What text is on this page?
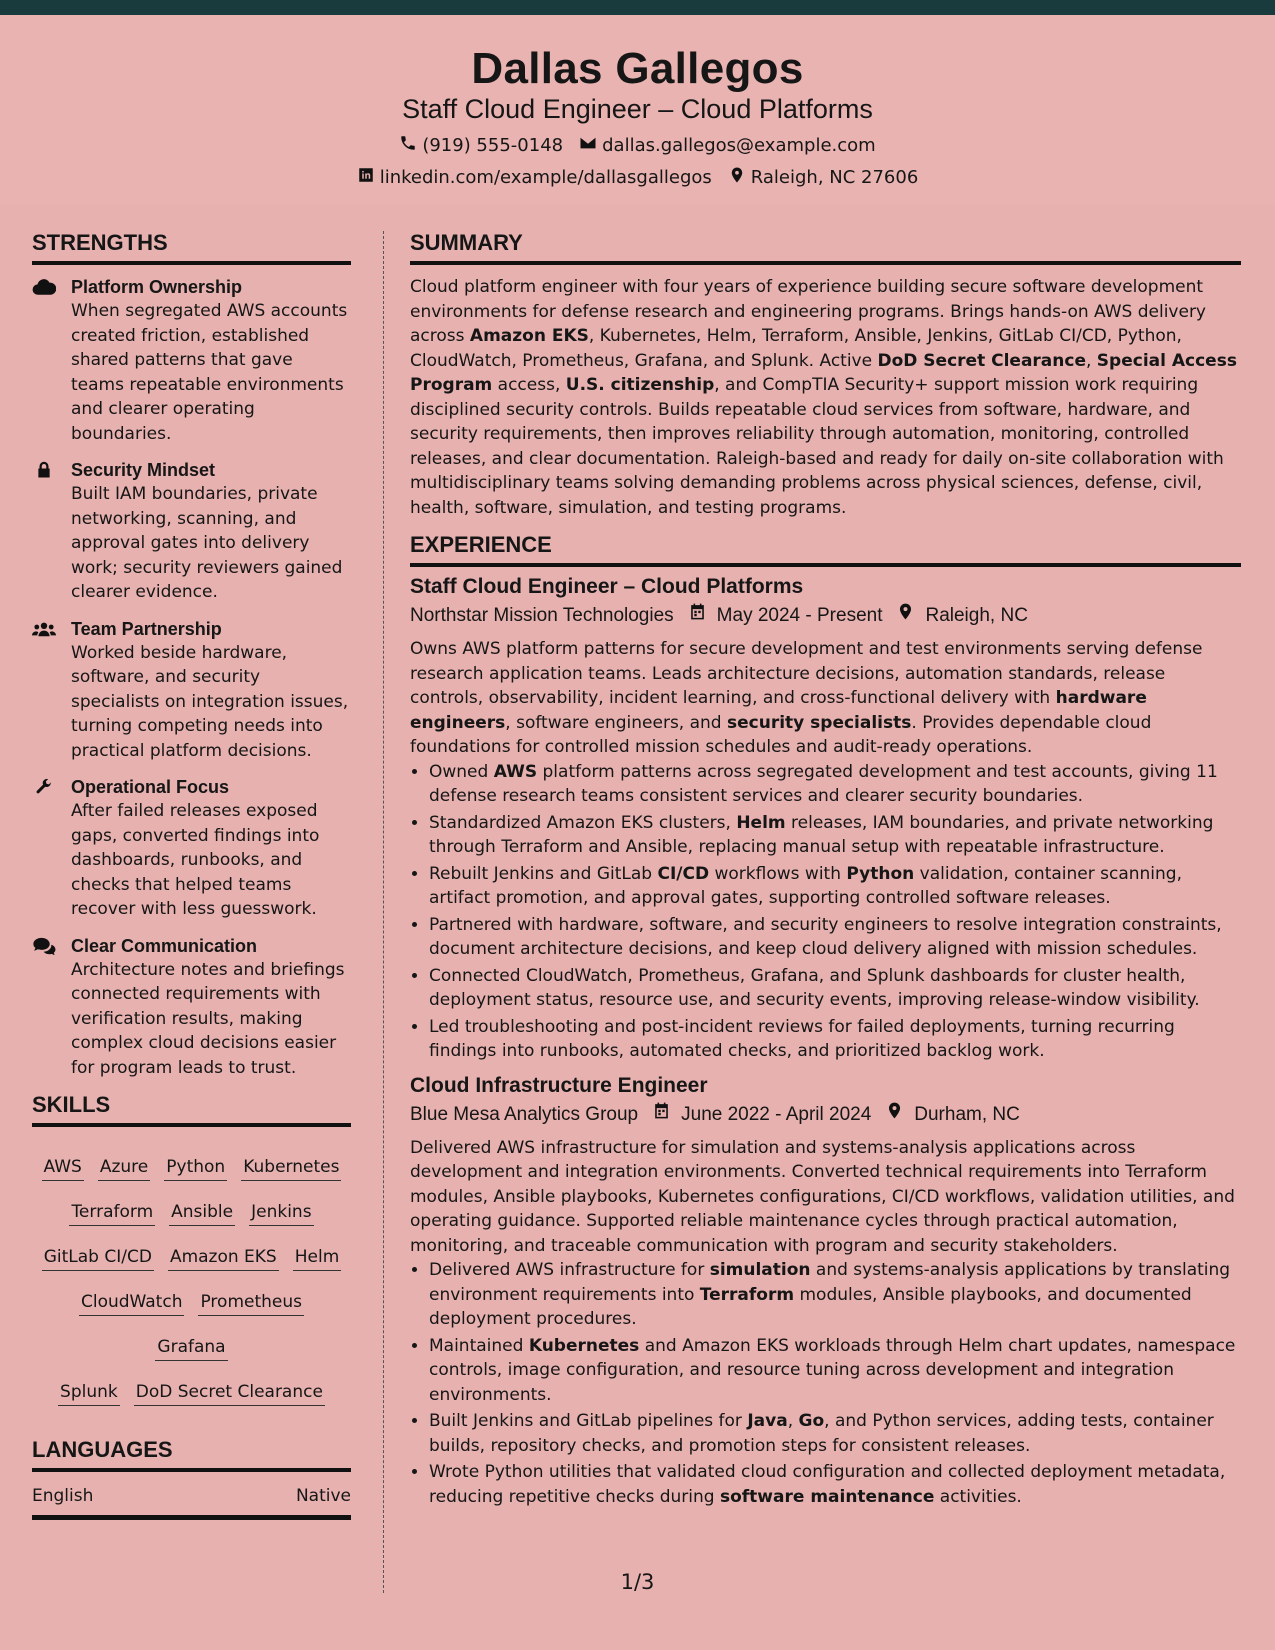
Dallas Gallegos
Staff Cloud Engineer – Cloud Platforms
(919) 555-0148 dallas.gallegos@example.com
linkedin.com/example/dallasgallegos Raleigh, NC 27606
STRENGTHS
Platform Ownership
When segregated AWS accounts created friction, established shared patterns that gave teams repeatable environments and clearer operating boundaries.
Security Mindset
Built IAM boundaries, private networking, scanning, and approval gates into delivery work; security reviewers gained clearer evidence.
Team Partnership
Worked beside hardware, software, and security specialists on integration issues, turning competing needs into practical platform decisions.
Operational Focus
After failed releases exposed gaps, converted findings into dashboards, runbooks, and checks that helped teams recover with less guesswork.
Clear Communication
Architecture notes and briefings connected requirements with verification results, making complex cloud decisions easier for program leads to trust.
SKILLS
AWS Azure Python Kubernetes
Terraform Ansible Jenkins
GitLab CI/CD Amazon EKS Helm
CloudWatch PrometheusGrafana
Splunk DoD Secret Clearance
LANGUAGES
English	Native
SUMMARY
Cloud platform engineer with four years of experience building secure software development environments for defense research and engineering programs. Brings hands-on AWS delivery across Amazon EKS, Kubernetes, Helm, Terraform, Ansible, Jenkins, GitLab CI/CD, Python, CloudWatch, Prometheus, Grafana, and Splunk. Active DoD Secret Clearance, Special Access Program access, U.S. citizenship, and CompTIA Security+ support mission work requiring disciplined security controls. Builds repeatable cloud services from software, hardware, and security requirements, then improves reliability through automation, monitoring, controlled releases, and clear documentation. Raleigh-based and ready for daily on-site collaboration with multidisciplinary teams solving demanding problems across physical sciences, defense, civil, health, software, simulation, and testing programs.
EXPERIENCE
Staff Cloud Engineer – Cloud Platforms
Northstar Mission Technologies May 2024 - Present Raleigh, NC
Owns AWS platform patterns for secure development and test environments serving defense research application teams. Leads architecture decisions, automation standards, release controls, observability, incident learning, and cross-functional delivery with hardware engineers, software engineers, and security specialists. Provides dependable cloud foundations for controlled mission schedules and audit-ready operations.
• Owned AWS platform patterns across segregated development and test accounts, giving 11 defense research teams consistent services and clearer security boundaries.
• Standardized Amazon EKS clusters, Helm releases, IAM boundaries, and private networking through Terraform and Ansible, replacing manual setup with repeatable infrastructure.
• Rebuilt Jenkins and GitLab CI/CD workflows with Python validation, container scanning, artifact promotion, and approval gates, supporting controlled software releases.
• Partnered with hardware, software, and security engineers to resolve integration constraints, document architecture decisions, and keep cloud delivery aligned with mission schedules.
• Connected CloudWatch, Prometheus, Grafana, and Splunk dashboards for cluster health, deployment status, resource use, and security events, improving release-window visibility.
• Led troubleshooting and post-incident reviews for failed deployments, turning recurring findings into runbooks, automated checks, and prioritized backlog work.
Cloud Infrastructure Engineer
Blue Mesa Analytics Group June 2022 - April 2024 Durham, NC
Delivered AWS infrastructure for simulation and systems-analysis applications across development and integration environments. Converted technical requirements into Terraform modules, Ansible playbooks, Kubernetes configurations, CI/CD workflows, validation utilities, and operating guidance. Supported reliable maintenance cycles through practical automation, monitoring, and traceable communication with program and security stakeholders.
• Delivered AWS infrastructure for simulation and systems-analysis applications by translating environment requirements into Terraform modules, Ansible playbooks, and documented deployment procedures.
• Maintained Kubernetes and Amazon EKS workloads through Helm chart updates, namespace controls, image configuration, and resource tuning across development and integration environments.
• Built Jenkins and GitLab pipelines for Java, Go, and Python services, adding tests, container builds, repository checks, and promotion steps for consistent releases.
• Wrote Python utilities that validated cloud configuration and collected deployment metadata, reducing repetitive checks during software maintenance activities.
1/3
